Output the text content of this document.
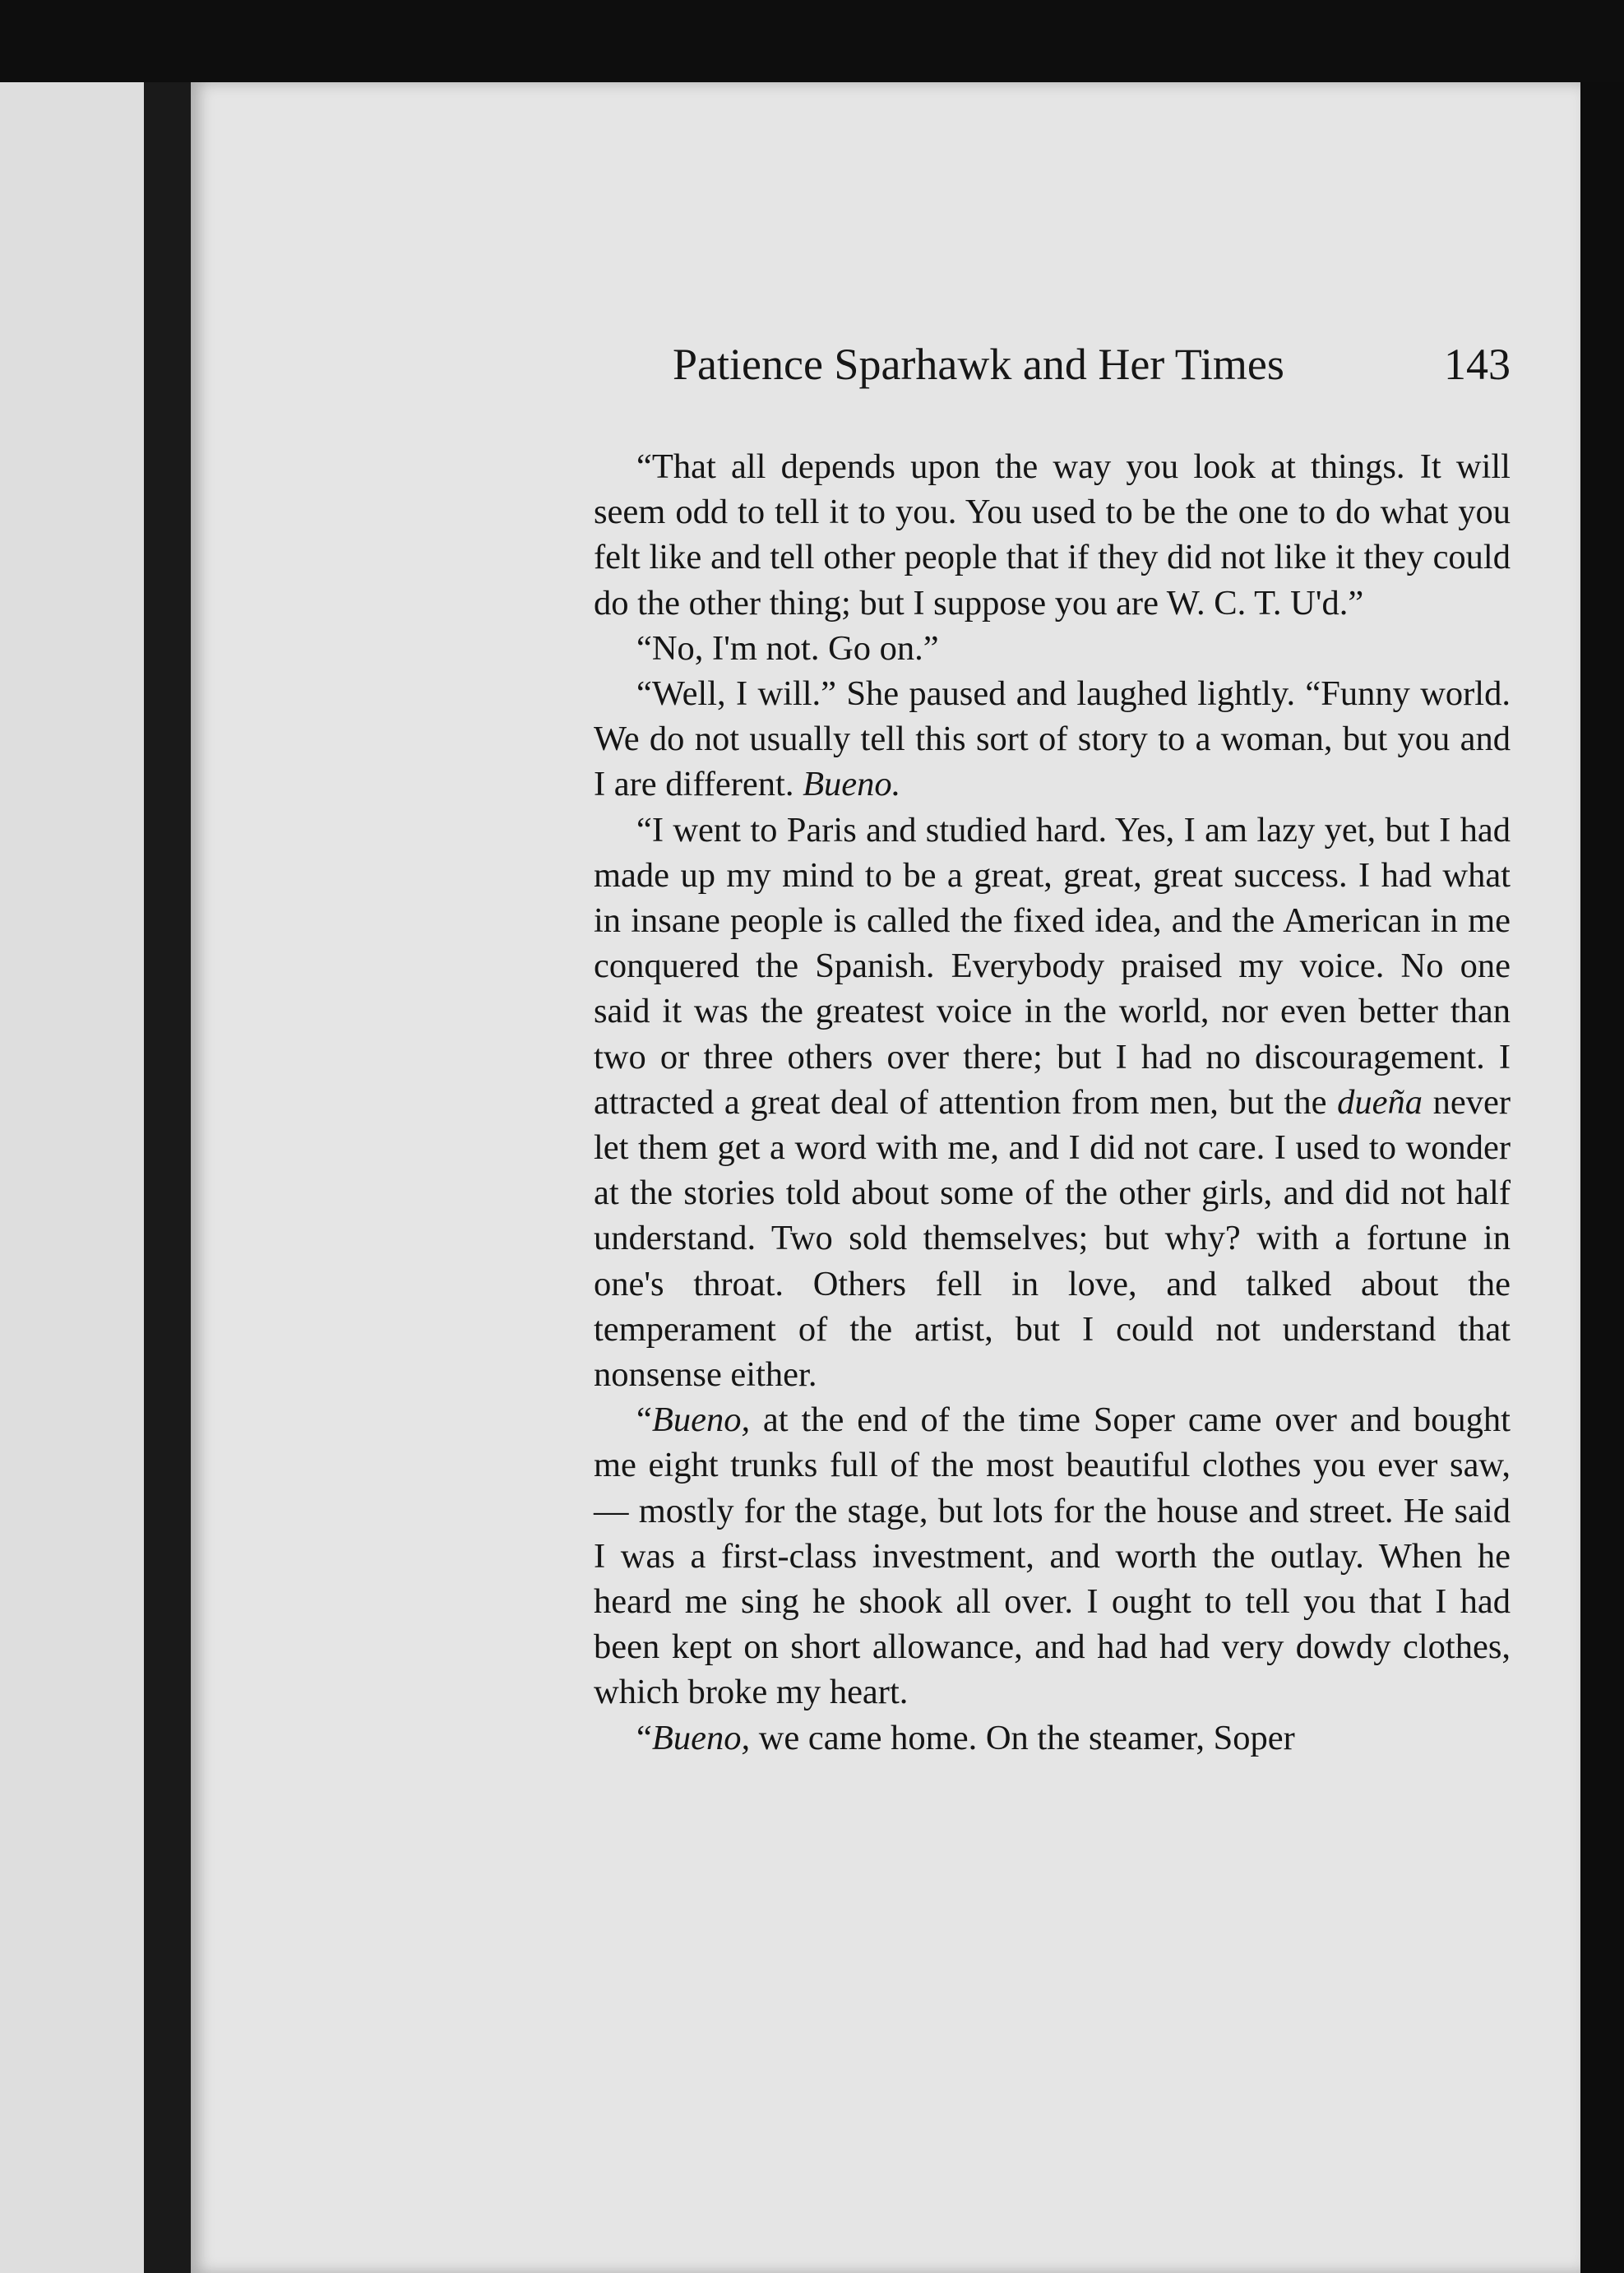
Patience Sparhawk and Her Times	143

“That all depends upon the way you look at things. It will seem odd to tell it to you. You used to be the one to do what you felt like and tell other people that if they did not like it they could do the other thing; but I suppose you are W. C. T. U'd.”

“No, I'm not. Go on.”

“Well, I will.” She paused and laughed lightly. “Funny world. We do not usually tell this sort of story to a woman, but you and I are different. Bueno.

“I went to Paris and studied hard. Yes, I am lazy yet, but I had made up my mind to be a great, great, great success. I had what in insane people is called the fixed idea, and the American in me conquered the Spanish. Everybody praised my voice. No one said it was the greatest voice in the world, nor even better than two or three others over there; but I had no discouragement. I attracted a great deal of attention from men, but the dueña never let them get a word with me, and I did not care. I used to wonder at the stories told about some of the other girls, and did not half understand. Two sold themselves; but why? with a fortune in one's throat. Others fell in love, and talked about the temperament of the artist, but I could not understand that nonsense either.

“Bueno, at the end of the time Soper came over and bought me eight trunks full of the most beautiful clothes you ever saw, — mostly for the stage, but lots for the house and street. He said I was a first-class investment, and worth the outlay. When he heard me sing he shook all over. I ought to tell you that I had been kept on short allowance, and had had very dowdy clothes, which broke my heart.

“Bueno, we came home. On the steamer, Soper
